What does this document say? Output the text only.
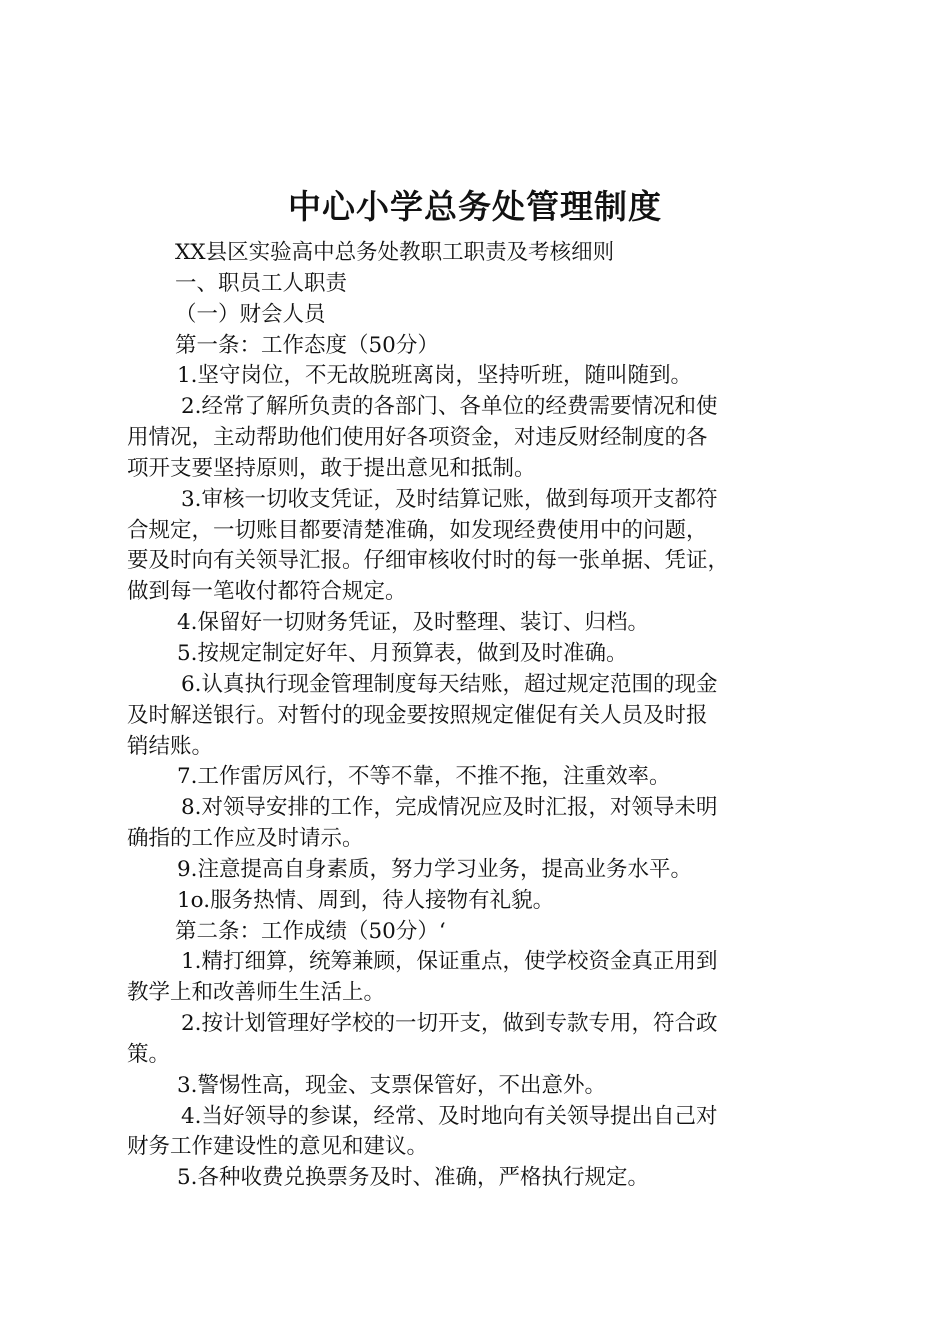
中心小学总务处管理制度
XX县区实验高中总务处教职工职责及考核细则
一、职员工人职责
（一）财会人员
第一条：工作态度（50分）
1.坚守岗位，不无故脱班离岗，坚持听班，随叫随到。
2.经常了解所负责的各部门、各单位的经费需要情况和使
用情况，主动帮助他们使用好各项资金，对违反财经制度的各
项开支要坚持原则，敢于提出意见和抵制。
3.审核一切收支凭证，及时结算记账，做到每项开支都符
合规定，一切账目都要清楚准确，如发现经费使用中的问题，
要及时向有关领导汇报。仔细审核收付时的每一张单据、凭证，
做到每一笔收付都符合规定。
4.保留好一切财务凭证，及时整理、装订、归档。
5.按规定制定好年、月预算表，做到及时准确。
6.认真执行现金管理制度每天结账，超过规定范围的现金
及时解送银行。对暂付的现金要按照规定催促有关人员及时报
销结账。
7.工作雷厉风行，不等不靠，不推不拖，注重效率。
8.对领导安排的工作，完成情况应及时汇报，对领导未明
确指的工作应及时请示。
9.注意提高自身素质，努力学习业务，提高业务水平。
1o.服务热情、周到，待人接物有礼貌。
第二条：工作成绩（50分）‘
1.精打细算，统筹兼顾，保证重点，使学校资金真正用到
教学上和改善师生生活上。
2.按计划管理好学校的一切开支，做到专款专用，符合政
策。
3.警惕性高，现金、支票保管好，不出意外。
4.当好领导的参谋，经常、及时地向有关领导提出自己对
财务工作建设性的意见和建议。
5.各种收费兑换票务及时、准确，严格执行规定。
